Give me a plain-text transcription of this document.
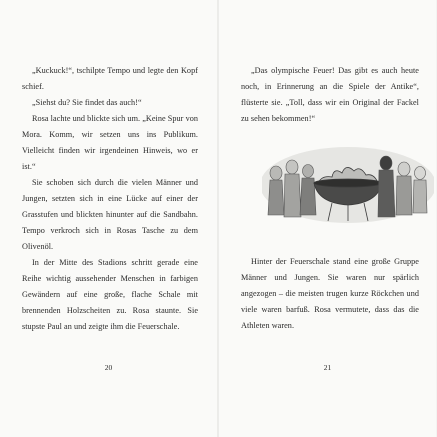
„Kuckuck!“, tschilpte Tempo und legte den Kopf schief.

„Siehst du? Sie findet das auch!“

Rosa lachte und blickte sich um. „Keine Spur von Mora. Komm, wir setzen uns ins Publikum. Vielleicht finden wir irgendeinen Hinweis, wo er ist.“

Sie schoben sich durch die vielen Männer und Jungen, setzten sich in eine Lücke auf einer der Grasstufen und blickten hinunter auf die Sandbahn. Tempo verkroch sich in Rosas Tasche zu dem Olivenöl.

In der Mitte des Stadions schritt gerade eine Reihe wichtig aussehender Menschen in farbigen Gewändern auf eine große, flache Schale mit brennenden Holzscheiten zu. Rosa staunte. Sie stupste Paul an und zeigte ihm die Feuerschale.

20

„Das olympische Feuer! Das gibt es auch heute noch, in Erinnerung an die Spiele der Antike“, flüsterte sie. „Toll, dass wir ein Original der Fackel zu sehen bekommen!“

Hinter der Feuerschale stand eine große Gruppe Männer und Jungen. Sie waren nur spärlich angezogen – die meisten trugen kurze Röckchen und viele waren barfuß. Rosa vermutete, dass das die Athleten waren.

21
